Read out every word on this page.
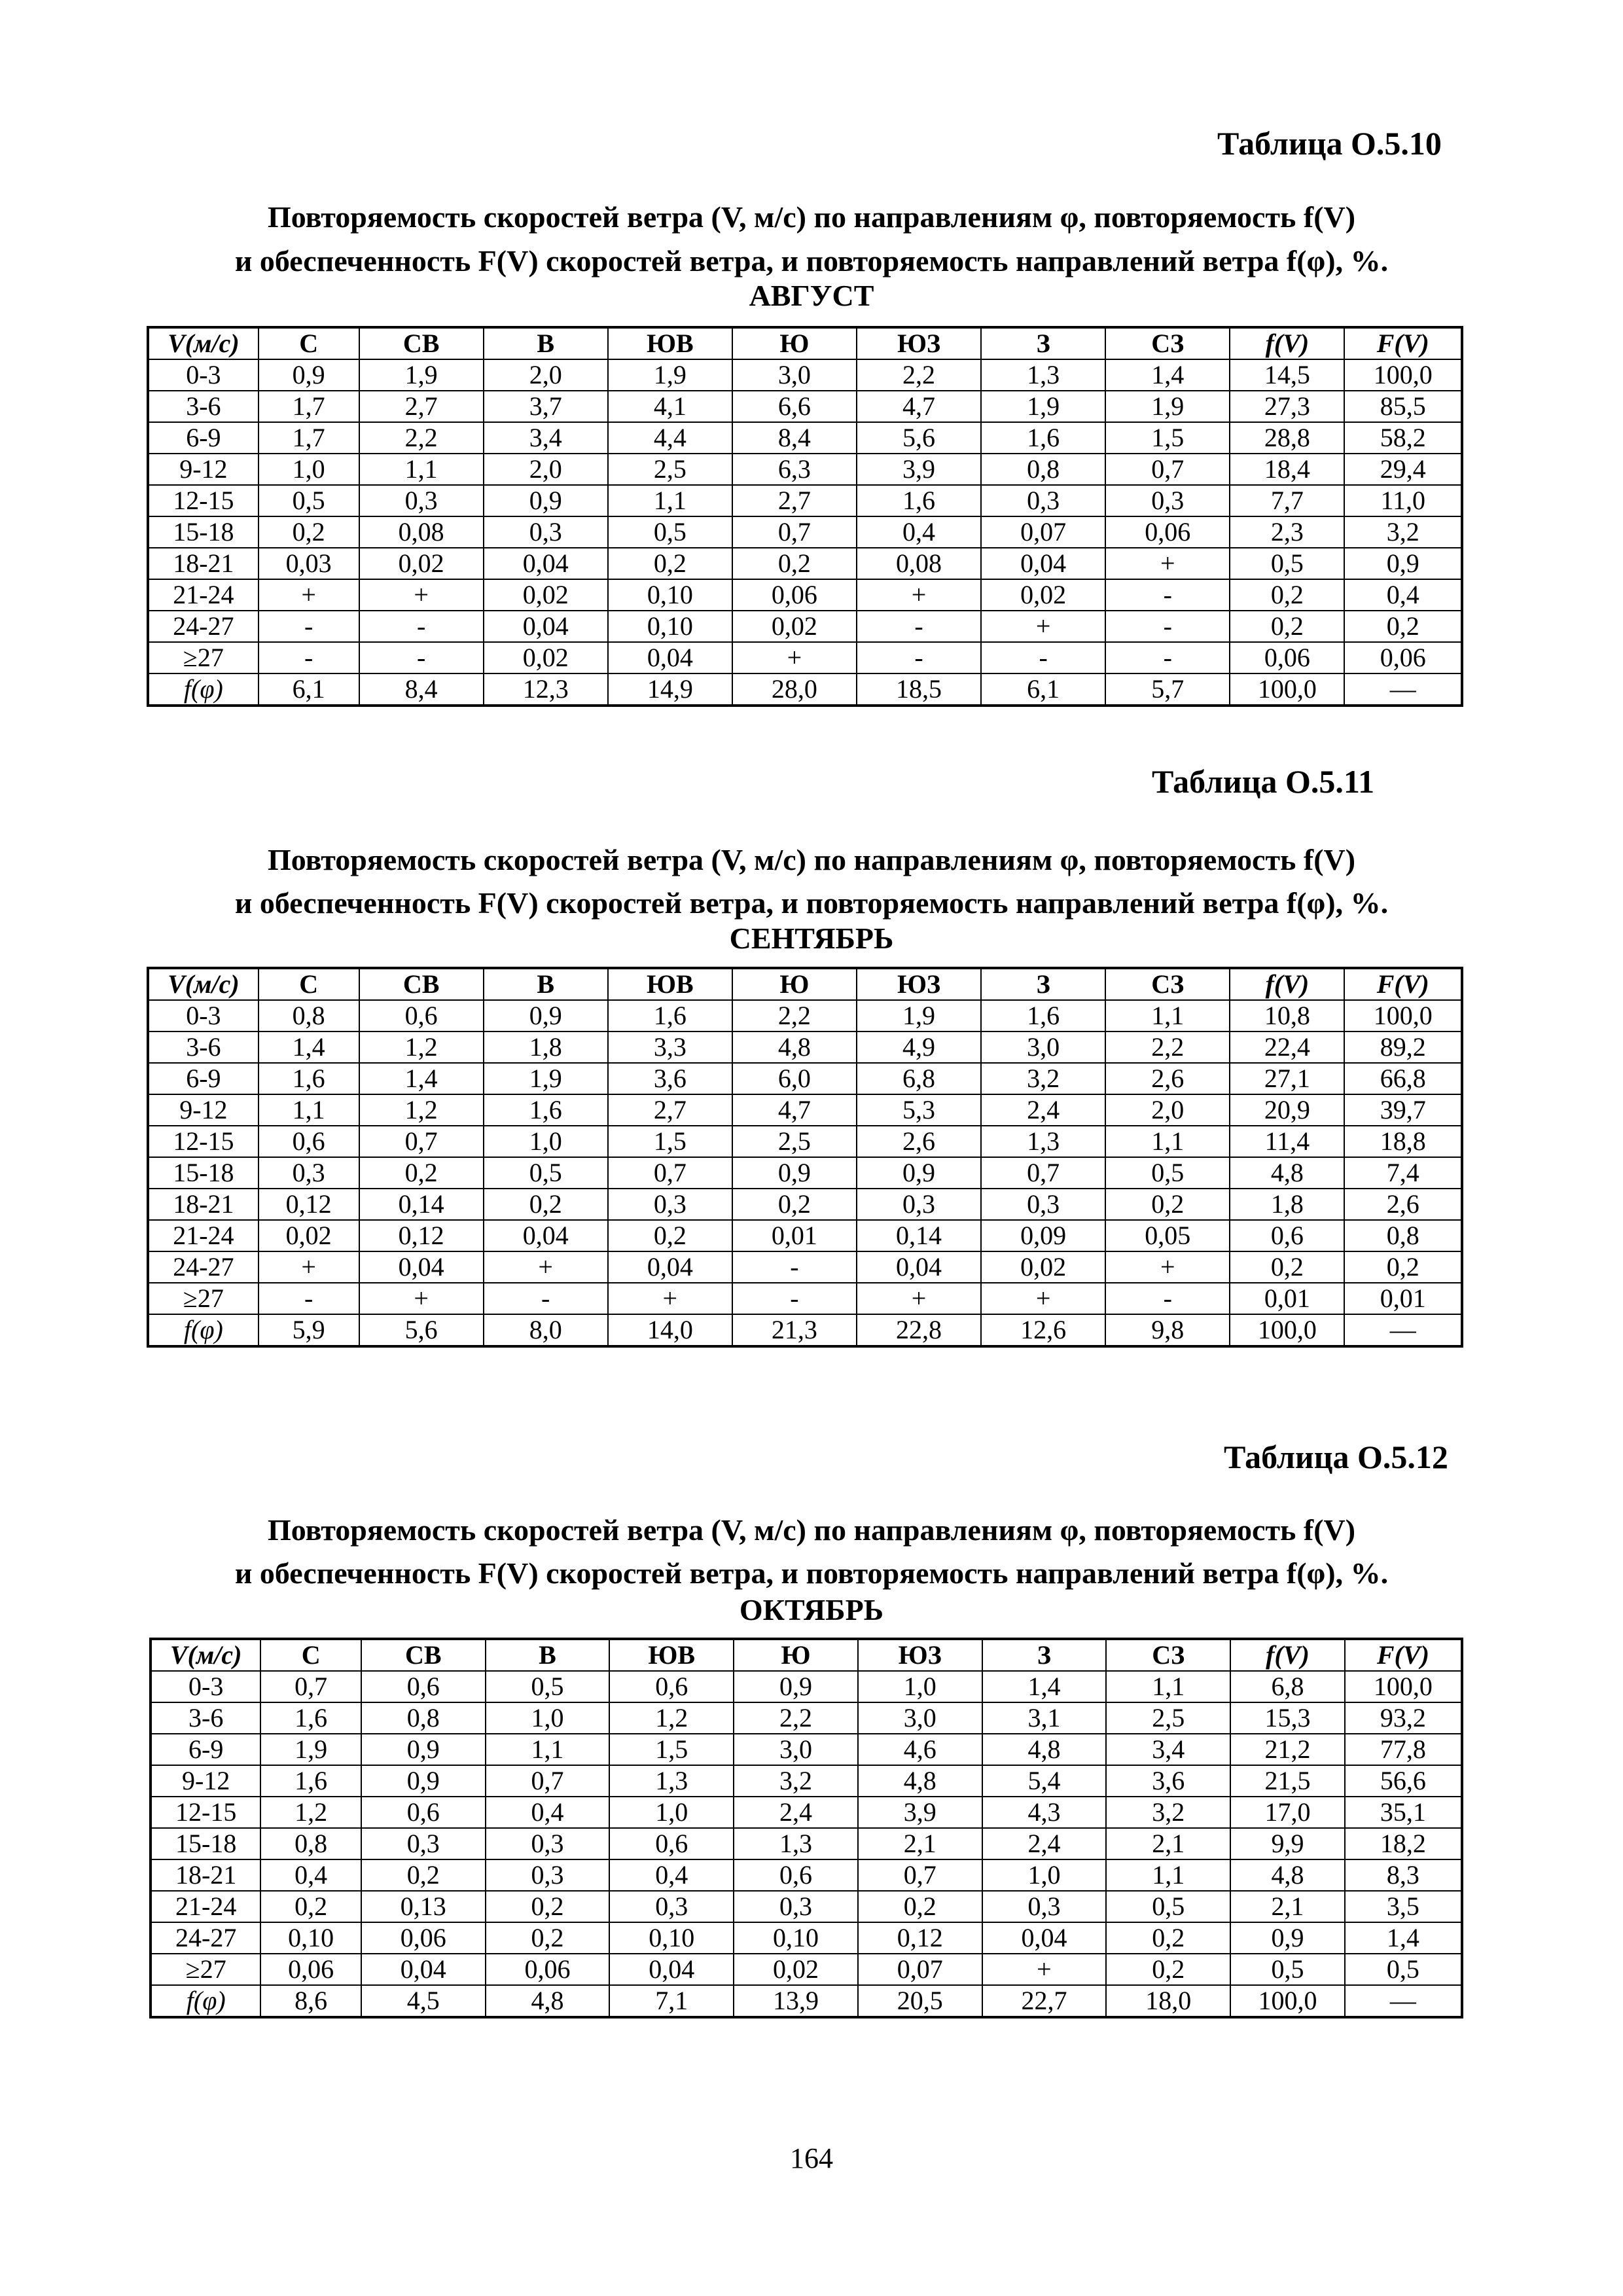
Таблица О.5.10
Повторяемость скоростей ветра (V, м/с) по направлениям φ, повторяемость f(V)
и обеспеченность F(V) скоростей ветра, и повторяемость направлений ветра f(φ), %.
АВГУСТ
V(м/с)	С	СВ	В	ЮВ	Ю	ЮЗ	З	СЗ	f(V)	F(V)
0-3	0,9	1,9	2,0	1,9	3,0	2,2	1,3	1,4	14,5	100,0
3-6	1,7	2,7	3,7	4,1	6,6	4,7	1,9	1,9	27,3	85,5
6-9	1,7	2,2	3,4	4,4	8,4	5,6	1,6	1,5	28,8	58,2
9-12	1,0	1,1	2,0	2,5	6,3	3,9	0,8	0,7	18,4	29,4
12-15	0,5	0,3	0,9	1,1	2,7	1,6	0,3	0,3	7,7	11,0
15-18	0,2	0,08	0,3	0,5	0,7	0,4	0,07	0,06	2,3	3,2
18-21	0,03	0,02	0,04	0,2	0,2	0,08	0,04	+	0,5	0,9
21-24	+	+	0,02	0,10	0,06	+	0,02	-	0,2	0,4
24-27	-	-	0,04	0,10	0,02	-	+	-	0,2	0,2
≥27	-	-	0,02	0,04	+	-	-	-	0,06	0,06
f(φ)	6,1	8,4	12,3	14,9	28,0	18,5	6,1	5,7	100,0	—
Таблица О.5.11
Повторяемость скоростей ветра (V, м/с) по направлениям φ, повторяемость f(V)
и обеспеченность F(V) скоростей ветра, и повторяемость направлений ветра f(φ), %.
СЕНТЯБРЬ
V(м/с)	С	СВ	В	ЮВ	Ю	ЮЗ	З	СЗ	f(V)	F(V)
0-3	0,8	0,6	0,9	1,6	2,2	1,9	1,6	1,1	10,8	100,0
3-6	1,4	1,2	1,8	3,3	4,8	4,9	3,0	2,2	22,4	89,2
6-9	1,6	1,4	1,9	3,6	6,0	6,8	3,2	2,6	27,1	66,8
9-12	1,1	1,2	1,6	2,7	4,7	5,3	2,4	2,0	20,9	39,7
12-15	0,6	0,7	1,0	1,5	2,5	2,6	1,3	1,1	11,4	18,8
15-18	0,3	0,2	0,5	0,7	0,9	0,9	0,7	0,5	4,8	7,4
18-21	0,12	0,14	0,2	0,3	0,2	0,3	0,3	0,2	1,8	2,6
21-24	0,02	0,12	0,04	0,2	0,01	0,14	0,09	0,05	0,6	0,8
24-27	+	0,04	+	0,04	-	0,04	0,02	+	0,2	0,2
≥27	-	+	-	+	-	+	+	-	0,01	0,01
f(φ)	5,9	5,6	8,0	14,0	21,3	22,8	12,6	9,8	100,0	—
Таблица О.5.12
Повторяемость скоростей ветра (V, м/с) по направлениям φ, повторяемость f(V)
и обеспеченность F(V) скоростей ветра, и повторяемость направлений ветра f(φ), %.
ОКТЯБРЬ
V(м/с)	С	СВ	В	ЮВ	Ю	ЮЗ	З	СЗ	f(V)	F(V)
0-3	0,7	0,6	0,5	0,6	0,9	1,0	1,4	1,1	6,8	100,0
3-6	1,6	0,8	1,0	1,2	2,2	3,0	3,1	2,5	15,3	93,2
6-9	1,9	0,9	1,1	1,5	3,0	4,6	4,8	3,4	21,2	77,8
9-12	1,6	0,9	0,7	1,3	3,2	4,8	5,4	3,6	21,5	56,6
12-15	1,2	0,6	0,4	1,0	2,4	3,9	4,3	3,2	17,0	35,1
15-18	0,8	0,3	0,3	0,6	1,3	2,1	2,4	2,1	9,9	18,2
18-21	0,4	0,2	0,3	0,4	0,6	0,7	1,0	1,1	4,8	8,3
21-24	0,2	0,13	0,2	0,3	0,3	0,2	0,3	0,5	2,1	3,5
24-27	0,10	0,06	0,2	0,10	0,10	0,12	0,04	0,2	0,9	1,4
≥27	0,06	0,04	0,06	0,04	0,02	0,07	+	0,2	0,5	0,5
f(φ)	8,6	4,5	4,8	7,1	13,9	20,5	22,7	18,0	100,0	—
164
